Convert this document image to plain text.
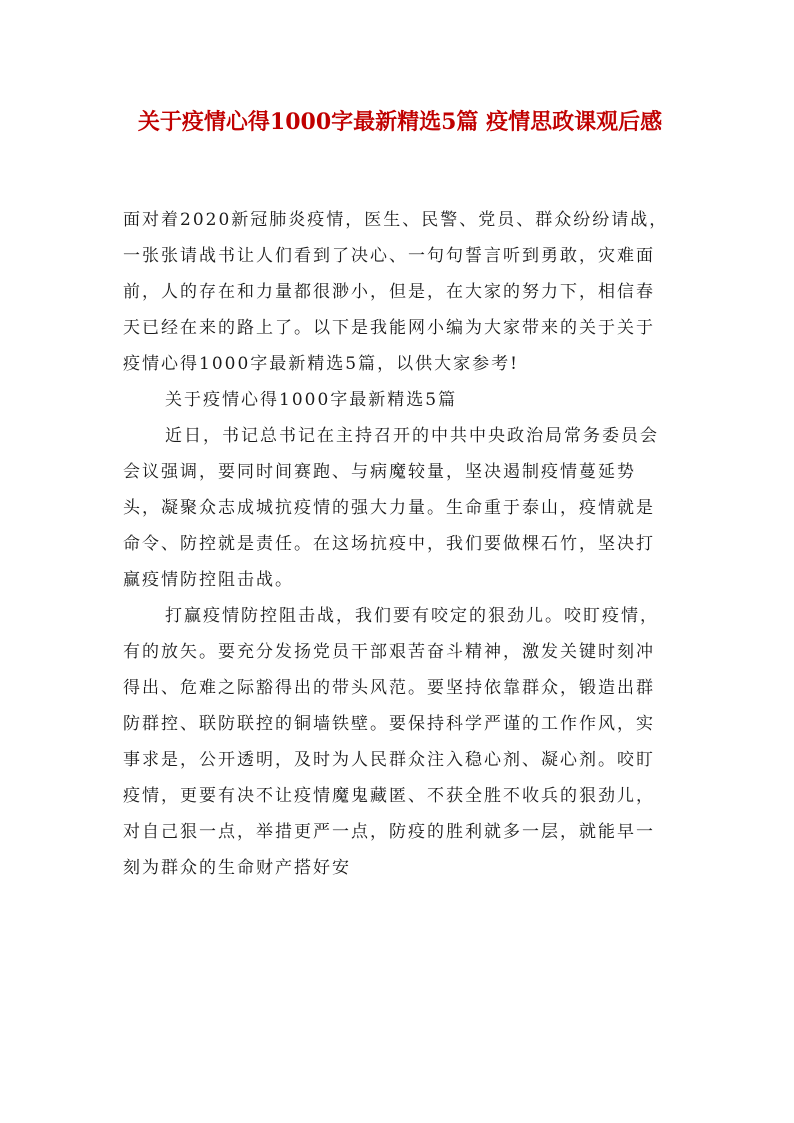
关于疫情心得1000字最新精选5篇 疫情思政课观后感

面对着2020新冠肺炎疫情，医生、民警、党员、群众纷纷请战，一张张请战书让人们看到了决心、一句句誓言听到勇敢，灾难面前，人的存在和力量都很渺小，但是，在大家的努力下，相信春天已经在来的路上了。以下是我能网小编为大家带来的关于关于疫情心得1000字最新精选5篇，以供大家参考!

关于疫情心得1000字最新精选5篇

近日，书记总书记在主持召开的中共中央政治局常务委员会会议强调，要同时间赛跑、与病魔较量，坚决遏制疫情蔓延势头，凝聚众志成城抗疫情的强大力量。生命重于泰山，疫情就是命令、防控就是责任。在这场抗疫中，我们要做棵石竹，坚决打赢疫情防控阻击战。

打赢疫情防控阻击战，我们要有咬定的狠劲儿。咬盯疫情，有的放矢。要充分发扬党员干部艰苦奋斗精神，激发关键时刻冲得出、危难之际豁得出的带头风范。要坚持依靠群众，锻造出群防群控、联防联控的铜墙铁壁。要保持科学严谨的工作作风，实事求是，公开透明，及时为人民群众注入稳心剂、凝心剂。咬盯疫情，更要有决不让疫情魔鬼藏匿、不获全胜不收兵的狠劲儿，对自己狠一点，举措更严一点，防疫的胜利就多一层，就能早一刻为群众的生命财产搭好安
